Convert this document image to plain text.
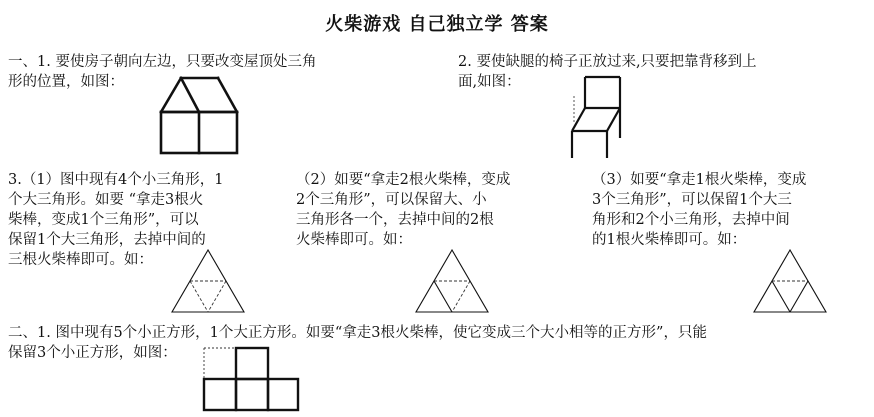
火柴游戏 自己独立学 答案
一、1. 要使房子朝向左边，只要改变屋顶处三角
形的位置，如图：
2. 要使缺腿的椅子正放过来,只要把靠背移到上
面,如图：
3.（1）图中现有4个小三角形，1
个大三角形。如要 “拿走3根火
柴棒，变成1个三角形”，可以
保留1个大三角形，去掉中间的
三根火柴棒即可。如：
（2）如要“拿走2根火柴棒，变成
2个三角形”，可以保留大、小
三角形各一个，去掉中间的2根
火柴棒即可。如：
（3）如要“拿走1根火柴棒，变成
3个三角形”，可以保留1个大三
角形和2个小三角形，去掉中间
的1根火柴棒即可。如：
二、1. 图中现有5个小正方形，1个大正方形。如要“拿走3根火柴棒，使它变成三个大小相等的正方形”，只能
保留3个小正方形，如图：
